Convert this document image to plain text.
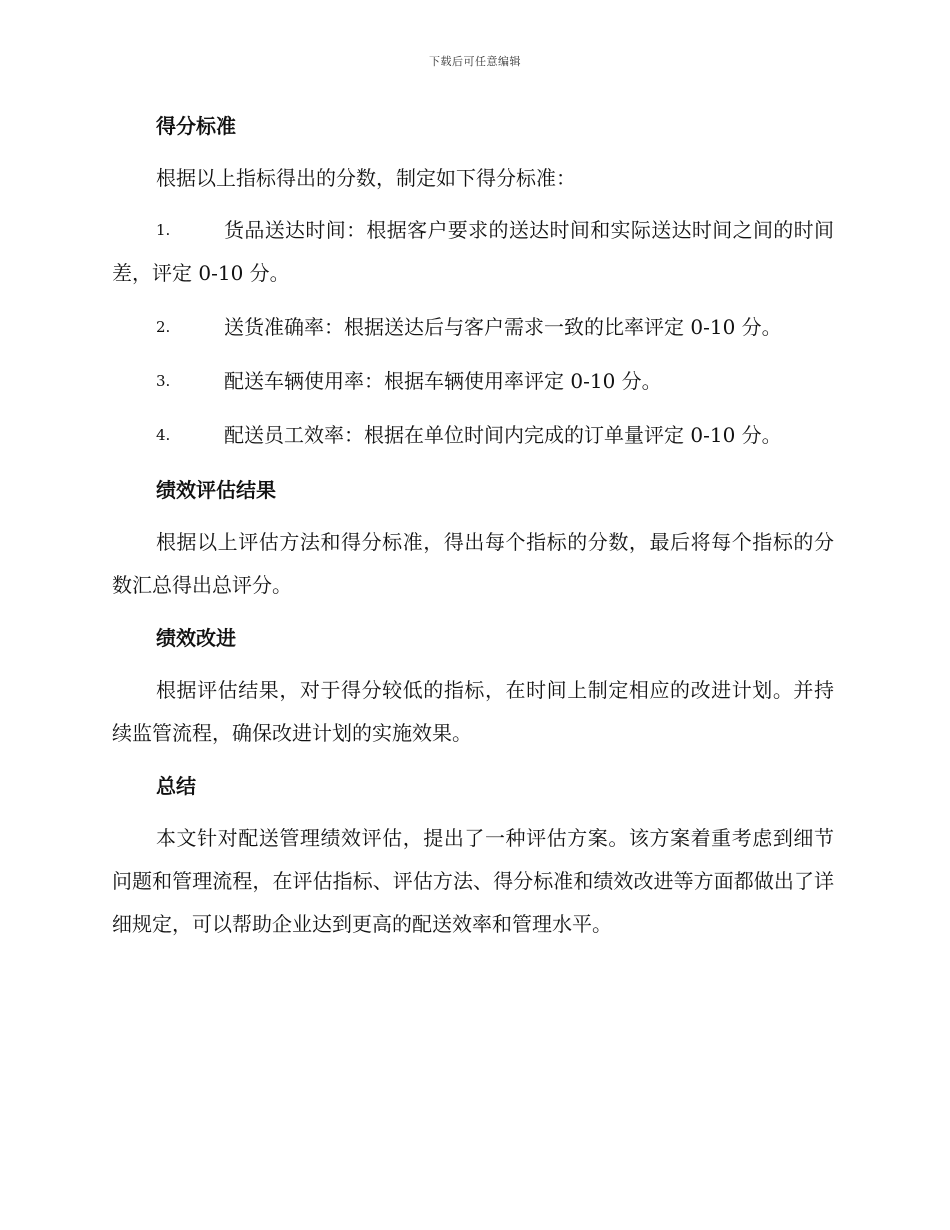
下载后可任意编辑
得分标准
根据以上指标得出的分数，制定如下得分标准：
1.	货品送达时间：根据客户要求的送达时间和实际送达时间之间的时间差，评定 0-10 分。
2.	送货准确率：根据送达后与客户需求一致的比率评定 0-10 分。
3.	配送车辆使用率：根据车辆使用率评定 0-10 分。
4.	配送员工效率：根据在单位时间内完成的订单量评定 0-10 分。
绩效评估结果
根据以上评估方法和得分标准，得出每个指标的分数，最后将每个指标的分数汇总得出总评分。
绩效改进
根据评估结果，对于得分较低的指标，在时间上制定相应的改进计划。并持续监管流程，确保改进计划的实施效果。
总结
本文针对配送管理绩效评估，提出了一种评估方案。该方案着重考虑到细节问题和管理流程，在评估指标、评估方法、得分标准和绩效改进等方面都做出了详细规定，可以帮助企业达到更高的配送效率和管理水平。
